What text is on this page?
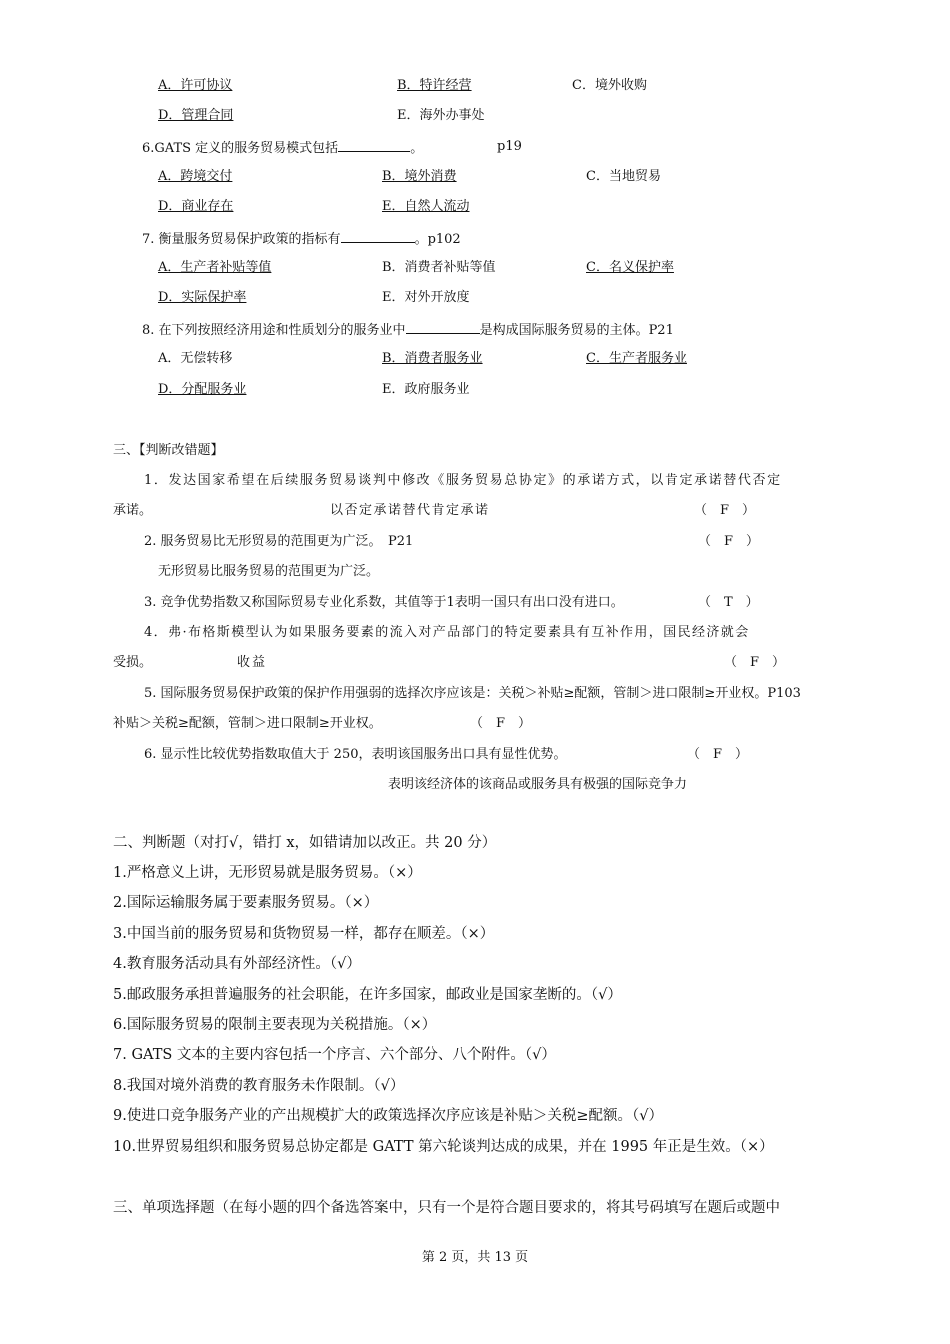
A．许可协议	B．特许经营	C．境外收购
D．管理合同	E．海外办事处
6.GATS 定义的服务贸易模式包括	。	p19
A．跨境交付	B．境外消费	C．当地贸易
D．商业存在	E．自然人流动
7. 衡量服务贸易保护政策的指标有	。p102
A．生产者补贴等值	B．消费者补贴等值	C．名义保护率
D．实际保护率	E．对外开放度
8. 在下列按照经济用途和性质划分的服务业中	是构成国际服务贸易的主体。P21
A．无偿转移	B．消费者服务业	C．生产者服务业
D．分配服务业	E．政府服务业
三、【判断改错题】
1．发达国家希望在后续服务贸易谈判中修改《服务贸易总协定》的承诺方式，以肯定承诺替代否定
承诺。	以否定承诺替代肯定承诺	（　F　）
2. 服务贸易比无形贸易的范围更为广泛。　P21	（　F　）
无形贸易比服务贸易的范围更为广泛。
3. 竞争优势指数又称国际贸易专业化系数，其值等于1表明一国只有出口没有进口。	（　T　）
4．弗·布格斯模型认为如果服务要素的流入对产品部门的特定要素具有互补作用，国民经济就会
受损。	收益	（　F　）
5. 国际服务贸易保护政策的保护作用强弱的选择次序应该是：关税＞补贴≥配额，管制＞进口限制≥开业权。P103
补贴＞关税≥配额，管制＞进口限制≥开业权。	（　F　）
6. 显示性比较优势指数取值大于 250，表明该国服务出口具有显性优势。	（　F　）
表明该经济体的该商品或服务具有极强的国际竞争力
二、判断题（对打√，错打 x，如错请加以改正。共 20 分）
1.严格意义上讲，无形贸易就是服务贸易。（×）
2.国际运输服务属于要素服务贸易。（×）
3.中国当前的服务贸易和货物贸易一样，都存在顺差。（×）
4.教育服务活动具有外部经济性。（√）
5.邮政服务承担普遍服务的社会职能，在许多国家，邮政业是国家垄断的。（√）
6.国际服务贸易的限制主要表现为关税措施。（×）
7. GATS 文本的主要内容包括一个序言、六个部分、八个附件。（√）
8.我国对境外消费的教育服务未作限制。（√）
9.使进口竞争服务产业的产出规模扩大的政策选择次序应该是补贴＞关税≥配额。（√）
10.世界贸易组织和服务贸易总协定都是 GATT 第六轮谈判达成的成果，并在 1995 年正是生效。（×）
三、单项选择题（在每小题的四个备选答案中，只有一个是符合题目要求的，将其号码填写在题后或题中
第 2 页，共 13 页
